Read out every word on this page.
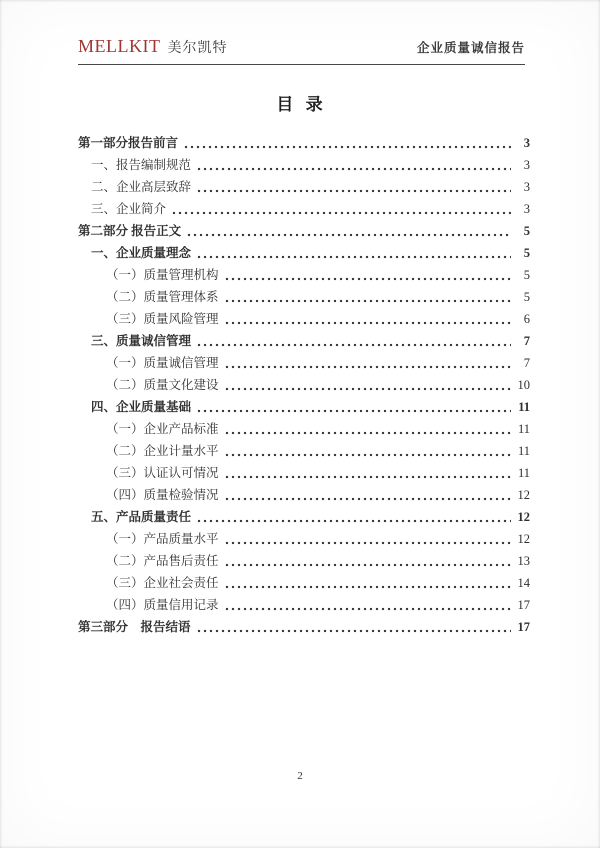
MELLKIT 美尔凯特	企业质量诚信报告
目 录
第一部分报告前言	3
一、报告编制规范	3
二、企业高层致辞	3
三、企业简介	3
第二部分 报告正文	5
一、企业质量理念	5
（一）质量管理机构	5
（二）质量管理体系	5
（三）质量风险管理	6
三、质量诚信管理	7
（一）质量诚信管理	7
（二）质量文化建设	10
四、企业质量基础	11
（一）企业产品标准	11
（二）企业计量水平	11
（三）认证认可情况	11
（四）质量检验情况	12
五、产品质量责任	12
（一）产品质量水平	12
（二）产品售后责任	13
（三）企业社会责任	14
（四）质量信用记录	17
第三部分　报告结语	17
2
